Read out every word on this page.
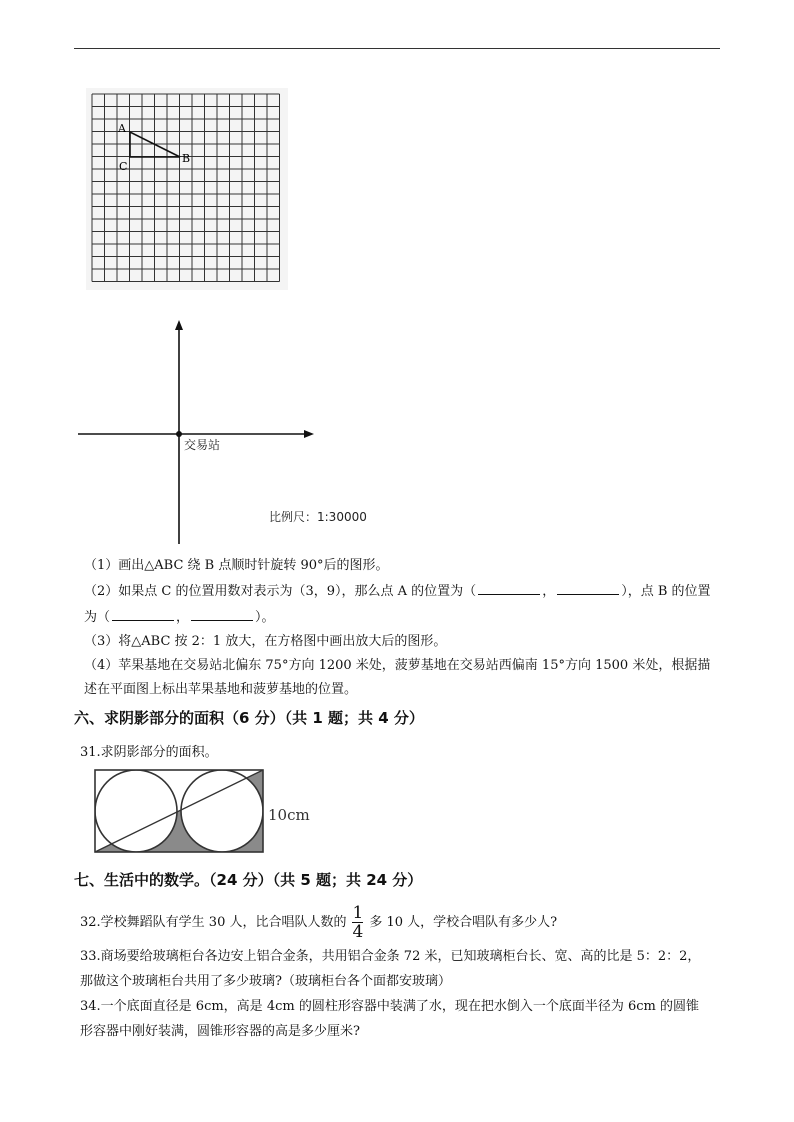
A
B
C
交易站
比例尺：1:30000
（1）画出△ABC 绕 B 点顺时针旋转 90°后的图形。
（2）如果点 C 的位置用数对表示为（3，9），那么点 A 的位置为（	，	），点 B 的位置
为（	，	）。
（3）将△ABC 按 2：1 放大，在方格图中画出放大后的图形。
（4）苹果基地在交易站北偏东 75°方向 1200 米处，菠萝基地在交易站西偏南 15°方向 1500 米处，根据描
述在平面图上标出苹果基地和菠萝基地的位置。
六、求阴影部分的面积（6 分）（共 1 题；共 4 分）
31.求阴影部分的面积。
10cm
七、生活中的数学。（24 分）（共 5 题；共 24 分）
32.学校舞蹈队有学生 30 人，比合唱队人数的 $\frac{1}{4}$ 多 10 人，学校合唱队有多少人?
33.商场要给玻璃柜台各边安上铝合金条，共用铝合金条 72 米，已知玻璃柜台长、宽、高的比是 5：2：2，
那做这个玻璃柜台共用了多少玻璃?（玻璃柜台各个面都安玻璃）
34.一个底面直径是 6cm，高是 4cm 的圆柱形容器中装满了水，现在把水倒入一个底面半径为 6cm 的圆锥
形容器中刚好装满，圆锥形容器的高是多少厘米?
